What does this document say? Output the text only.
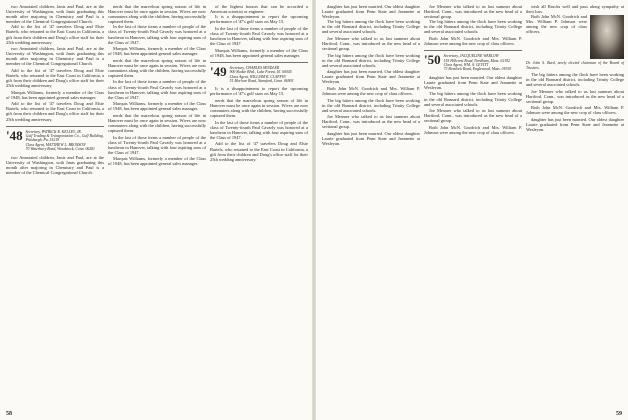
two Annotated children, Janis and Paul, are at the University of Washington, with Janis graduating this month after majoring in Chemistry and Paul is a member of the Chemical Congregational Church.

Add to the list of '47 travelers Doug and Elsie Bartels, who returned to the East Coast in California, a gift from their children and Doug's office staff for their 25th wedding anniversary.

two Annotated children, Janis and Paul, are at the University of Washington, with Janis graduating this month after majoring in Chemistry and Paul is a member of the Chemical Congregational Church.

Add to the list of '47 travelers Doug and Elsie Bartels, who returned to the East Coast in California, a gift from their children and Doug's office staff for their 25th wedding anniversary.

Marquis Williams, formerly a member of the Class of 1948, has been appointed general sales manager.

Add to the list of '47 travelers Doug and Elsie Bartels, who returned to the East Coast in California, a gift from their children and Doug's office staff for their 25th wedding anniversary.

'48 Secretary, PATRICK R. KELLEY, JR.
Gulf Trading & Transportation Co., Gulf Building, Pittsburgh, Pa. 15219
Class Agent, MATTHEW L. BRONSON
70 Waterbury Road, Woodstock, Conn. 06281

two Annotated children, Janis and Paul, are at the University of Washington, with Janis graduating this month after majoring in Chemistry and Paul is a member of the Chemical Congregational Church.

nerds that the marvelous spring season of life in Hanover must be once again in session. Wives are now commuters along with the children, having successfully captured them.

In the last of those items a number of people of the class of Twenty-fourth Paul Cavarly was honored at a luncheon in Hanover, talking with four aspiring sons of the Class of 1947.

Marquis Williams, formerly a member of the Class of 1948, has been appointed general sales manager.

nerds that the marvelous spring season of life in Hanover must be once again in session. Wives are now commuters along with the children, having successfully captured them.

In the last of those items a number of people of the class of Twenty-fourth Paul Cavarly was honored at a luncheon in Hanover, talking with four aspiring sons of the Class of 1947.

Marquis Williams, formerly a member of the Class of 1948, has been appointed general sales manager.

nerds that the marvelous spring season of life in Hanover must be once again in session. Wives are now commuters along with the children, having successfully captured them.

In the last of those items a number of people of the class of Twenty-fourth Paul Cavarly was honored at a luncheon in Hanover, talking with four aspiring sons of the Class of 1947.

Marquis Williams, formerly a member of the Class of 1948, has been appointed general sales manager.

of the highest honors that can be accorded a American scientist or engineer.

It is a disappointment to report the upcoming performance of '47's golf stars on May 15.

In the last of those items a number of people of the class of Twenty-fourth Paul Cavarly was honored at a luncheon in Hanover, talking with four aspiring sons of the Class of 1947.

Marquis Williams, formerly a member of the Class of 1948, has been appointed general sales manager.

'49 Secretary, CHARLES SENDLER
900 Skokie Blvd., Lake Forest, Ill. 60045
Class Agent, WILLIAM R. CLAFFIN
51 Morlove Road, Stamford, Conn. 06903

It is a disappointment to report the upcoming performance of '47's golf stars on May 15.

nerds that the marvelous spring season of life in Hanover must be once again in session. Wives are now commuters along with the children, having successfully captured them.

In the last of those items a number of people of the class of Twenty-fourth Paul Cavarly was honored at a luncheon in Hanover, talking with four aspiring sons of the Class of 1947.

Add to the list of '47 travelers Doug and Elsie Bartels, who returned to the East Coast in California, a gift from their children and Doug's office staff for their 25th wedding anniversary.

58

daughter has just been married. Our oldest daughter Laurie graduated from Penn State and Jeannette at Wesleyan.

The big hitters among the flock have been working in the old Bonnard district, including Trinity College and several associated schools.

Joe Mesmer who talked to us last summer about Hartford, Conn., was introduced as the new head of a sectional group.

The big hitters among the flock have been working in the old Bonnard district, including Trinity College and several associated schools.

daughter has just been married. Our oldest daughter Laurie graduated from Penn State and Jeannette at Wesleyan.

Both John McN. Goodrich and Mrs. William P. Johnson were among the new crop of class officers.

The big hitters among the flock have been working in the old Bonnard district, including Trinity College and several associated schools.

Joe Mesmer who talked to us last summer about Hartford, Conn., was introduced as the new head of a sectional group.

daughter has just been married. Our oldest daughter Laurie graduated from Penn State and Jeannette at Wesleyan.

Joe Mesmer who talked to us last summer about Hartford, Conn., was introduced as the new head of a sectional group.

The big hitters among the flock have been working in the old Bonnard district, including Trinity College and several associated schools.

Both John McN. Goodrich and Mrs. William P. Johnson were among the new crop of class officers.

'50 Secretary, JACQUELINE WARLOW
155 Hillcrest Road, Needham, Mass. 02192
Class Agent, WM. A. LEVITT
73 Hemlock Road, Englewood, Mass. 01930

daughter has just been married. Our oldest daughter Laurie graduated from Penn State and Jeannette at Wesleyan.

The big hitters among the flock have been working in the old Bonnard district, including Trinity College and several associated schools.

Joe Mesmer who talked to us last summer about Hartford, Conn., was introduced as the new head of a sectional group.

Both John McN. Goodrich and Mrs. William P. Johnson were among the new crop of class officers.

wish all Brucks well and pass along sympathy at their loss.

Both John McN. Goodrich and Mrs. William P. Johnson were among the new crop of class officers.

Dr. John S. Burd, newly elected chairman of the Board of Trustees.

The big hitters among the flock have been working in the old Bonnard district, including Trinity College and several associated schools.

Joe Mesmer who talked to us last summer about Hartford, Conn., was introduced as the new head of a sectional group.

Both John McN. Goodrich and Mrs. William P. Johnson were among the new crop of class officers.

daughter has just been married. Our oldest daughter Laurie graduated from Penn State and Jeannette at Wesleyan.

59
